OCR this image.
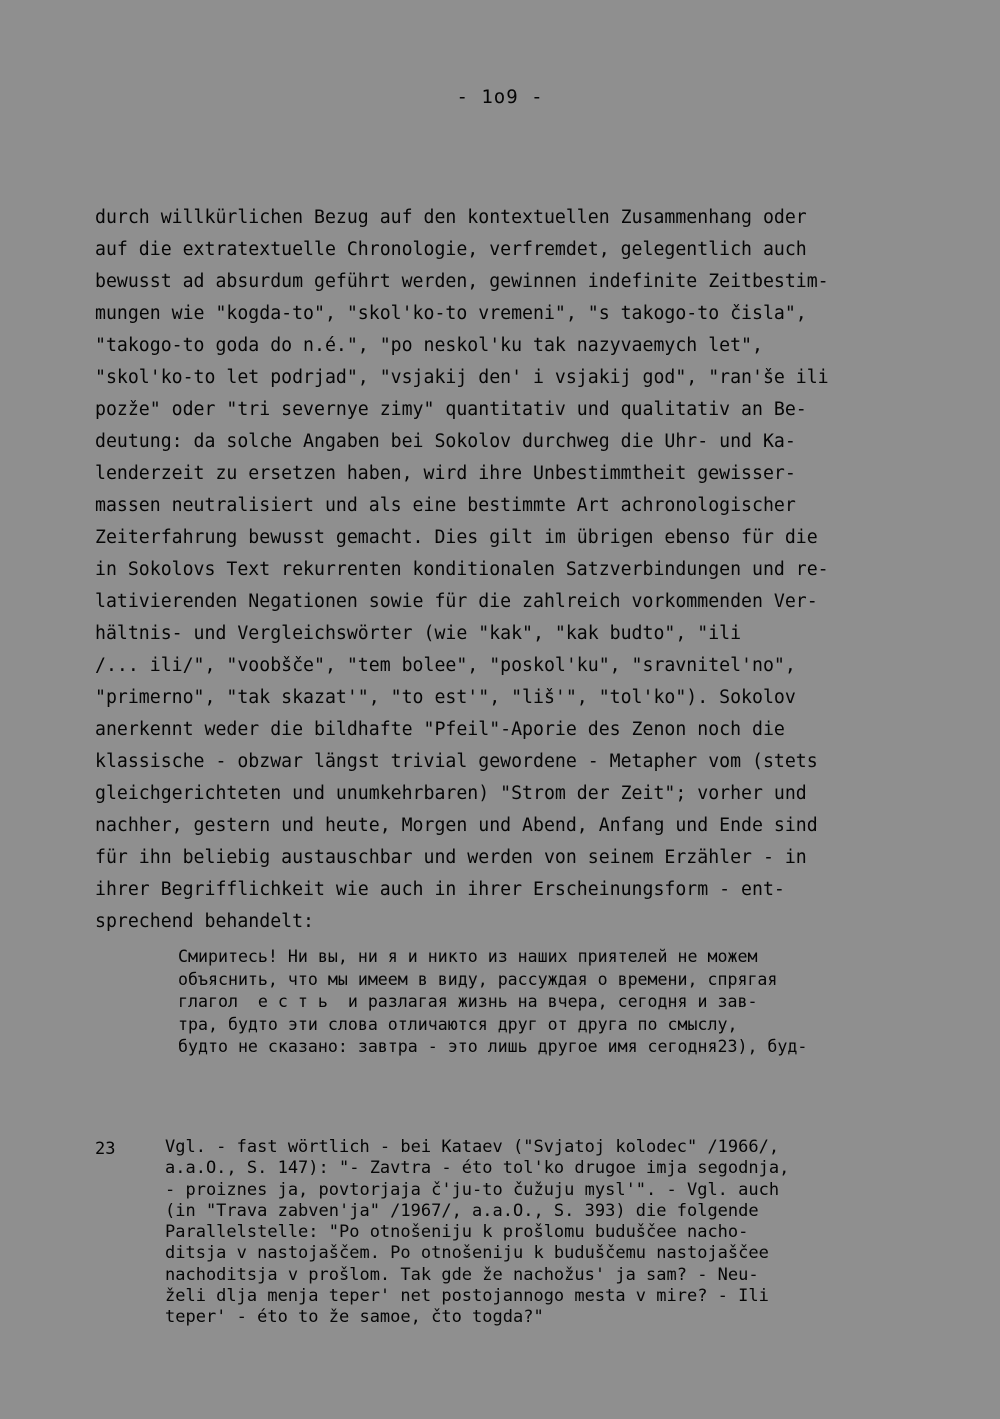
- 1o9 -
durch willkürlichen Bezug auf den kontextuellen Zusammenhang oder
auf die extratextuelle Chronologie, verfremdet, gelegentlich auch
bewusst ad absurdum geführt werden, gewinnen indefinite Zeitbestim-
mungen wie "kogda-to", "skol'ko-to vremeni", "s takogo-to čisla",
"takogo-to goda do n.é.", "po neskol'ku tak nazyvaemych let",
"skol'ko-to let podrjad", "vsjakij den' i vsjakij god", "ran'še ili
pozže" oder "tri severnye zimy" quantitativ und qualitativ an Be-
deutung: da solche Angaben bei Sokolov durchweg die Uhr- und Ka-
lenderzeit zu ersetzen haben, wird ihre Unbestimmtheit gewisser-
massen neutralisiert und als eine bestimmte Art achronologischer
Zeiterfahrung bewusst gemacht. Dies gilt im übrigen ebenso für die
in Sokolovs Text rekurrenten konditionalen Satzverbindungen und re-
lativierenden Negationen sowie für die zahlreich vorkommenden Ver-
hältnis- und Vergleichswörter (wie "kak", "kak budto", "ili
/... ili/", "voobšče", "tem bolee", "poskol'ku", "sravnitel'no",
"primerno", "tak skazat'", "to est'", "liš'", "tol'ko"). Sokolov
anerkennt weder die bildhafte "Pfeil"-Aporie des Zenon noch die
klassische - obzwar längst trivial gewordene - Metapher vom (stets
gleichgerichteten und unumkehrbaren) "Strom der Zeit"; vorher und
nachher, gestern und heute, Morgen und Abend, Anfang und Ende sind
für ihn beliebig austauschbar und werden von seinem Erzähler - in
ihrer Begrifflichkeit wie auch in ihrer Erscheinungsform - ent-
sprechend behandelt:
Смиритесь! Ни вы, ни я и никто из наших приятелей не можем
объяснить, что мы имеем в виду, рассуждая о времени, спрягая
глагол  е с т ь  и разлагая жизнь на вчера, сегодня и зав-
тра, будто эти слова отличаются друг от друга по смыслу,
будто не сказано: завтра - это лишь другое имя сегодня23), буд-
23	Vgl. - fast wörtlich - bei Kataev ("Svjatoj kolodec" /1966/,
a.a.O., S. 147): "- Zavtra - éto tol'ko drugoe imja segodnja,
- proiznes ja, povtorjaja č'ju-to čužuju mysl'". - Vgl. auch
(in "Trava zabven'ja" /1967/, a.a.O., S. 393) die folgende
Parallelstelle: "Po otnošeniju k prošlomu buduščee nacho-
ditsja v nastojaščem. Po otnošeniju k buduščemu nastojaščee
nachoditsja v prošlom. Tak gde že nachožus' ja sam? - Neu-
želi dlja menja teper' net postojannogo mesta v mire? - Ili
teper' - éto to že samoe, čto togda?"
